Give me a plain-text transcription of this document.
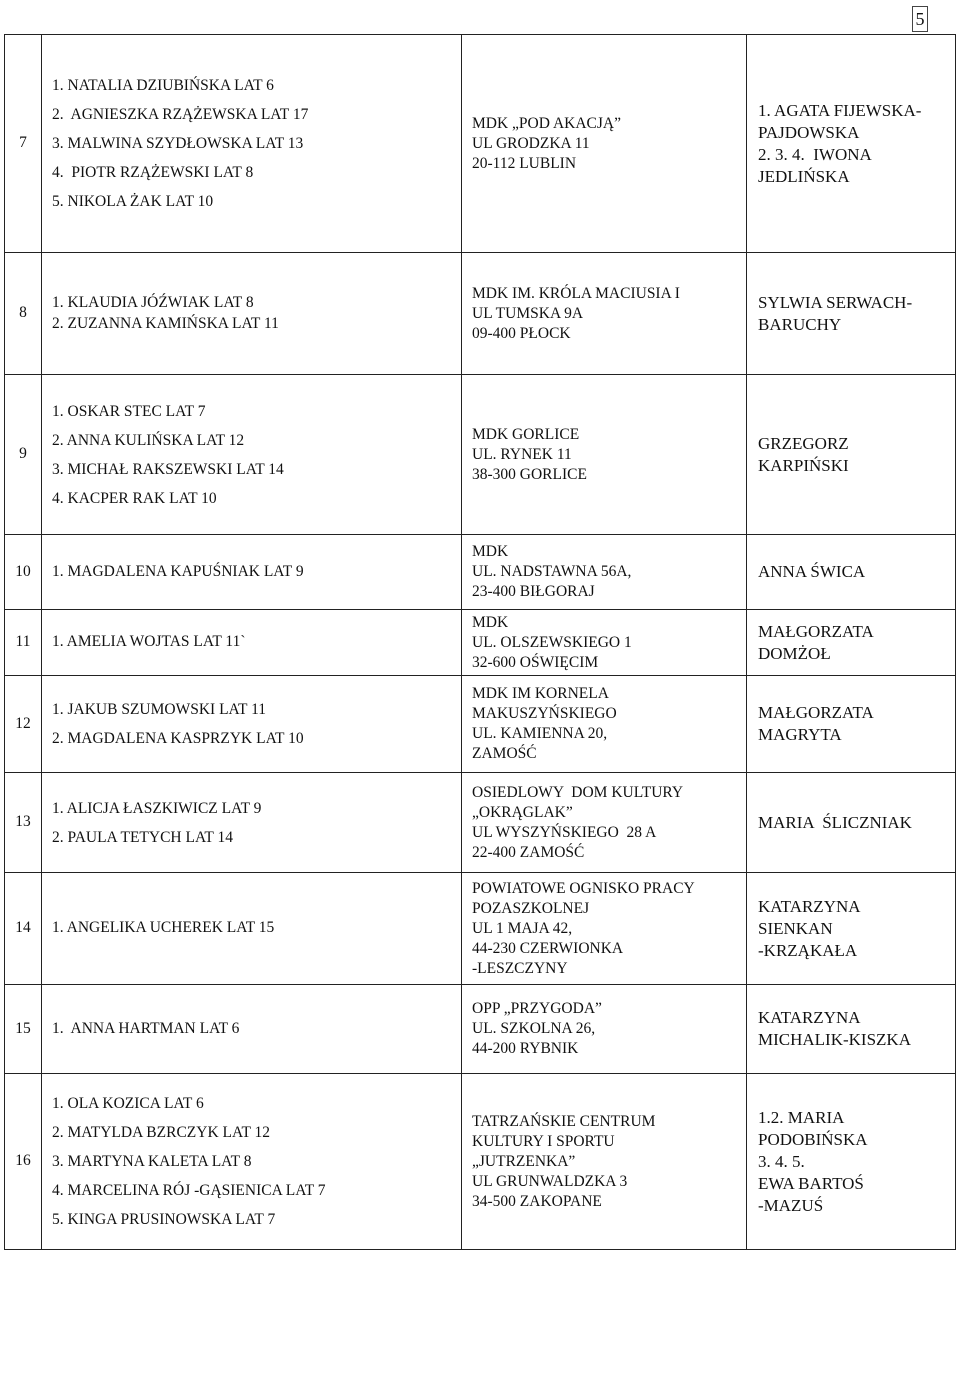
5
7	1. NATALIA DZIUBIŃSKA LAT 6
2.  AGNIESZKA RZĄŻEWSKA LAT 17
3. MALWINA SZYDŁOWSKA LAT 13
4.  PIOTR RZĄŻEWSKI LAT 8
5. NIKOLA ŻAK LAT 10	MDK „POD AKACJĄ”
UL GRODZKA 11
20-112 LUBLIN	1. AGATA FIJEWSKA-
PAJDOWSKA
2. 3. 4.  IWONA
JEDLIŃSKA

8	1. KLAUDIA JÓŹWIAK LAT 8
2. ZUZANNA KAMIŃSKA LAT 11	MDK IM. KRÓLA MACIUSIA I
UL TUMSKA 9A
09-400 PŁOCK	SYLWIA SERWACH-
BARUCHY

9	1. OSKAR STEC LAT 7
2. ANNA KULIŃSKA LAT 12
3. MICHAŁ RAKSZEWSKI LAT 14
4. KACPER RAK LAT 10	MDK GORLICE
UL. RYNEK 11
38-300 GORLICE	GRZEGORZ
KARPIŃSKI

10	1. MAGDALENA KAPUŚNIAK LAT 9	MDK
UL. NADSTAWNA 56A,
23-400 BIŁGORAJ	ANNA ŚWICA

11	1. AMELIA WOJTAS LAT 11`	MDK
UL. OLSZEWSKIEGO 1
32-600 OŚWIĘCIM	MAŁGORZATA
DOMŻOŁ

12	1. JAKUB SZUMOWSKI LAT 11
2. MAGDALENA KASPRZYK LAT 10	MDK IM KORNELA
MAKUSZYŃSKIEGO
UL. KAMIENNA 20,
ZAMOŚĆ	MAŁGORZATA
MAGRYTA

13	1. ALICJA ŁASZKIWICZ LAT 9
2. PAULA TETYCH LAT 14	OSIEDLOWY  DOM KULTURY
„OKRĄGLAK”
UL WYSZYŃSKIEGO  28 A
22-400 ZAMOŚĆ	MARIA  ŚLICZNIAK

14	1. ANGELIKA UCHEREK LAT 15	POWIATOWE OGNISKO PRACY
POZASZKOLNEJ
UL 1 MAJA 42,
44-230 CZERWIONKA
-LESZCZYNY	KATARZYNA
SIENKAN
-KRZĄKAŁA

15	1.  ANNA HARTMAN LAT 6	OPP „PRZYGODA”
UL. SZKOLNA 26,
44-200 RYBNIK	KATARZYNA
MICHALIK-KISZKA

16	1. OLA KOZICA LAT 6
2. MATYLDA BZRCZYK LAT 12
3. MARTYNA KALETA LAT 8
4. MARCELINA RÓJ -GĄSIENICA LAT 7
5. KINGA PRUSINOWSKA LAT 7	TATRZAŃSKIE CENTRUM
KULTURY I SPORTU
„JUTRZENKA”
UL GRUNWALDZKA 3
34-500 ZAKOPANE	1.2. MARIA
PODOBIŃSKA
3. 4. 5.
EWA BARTOŚ
-MAZUŚ
